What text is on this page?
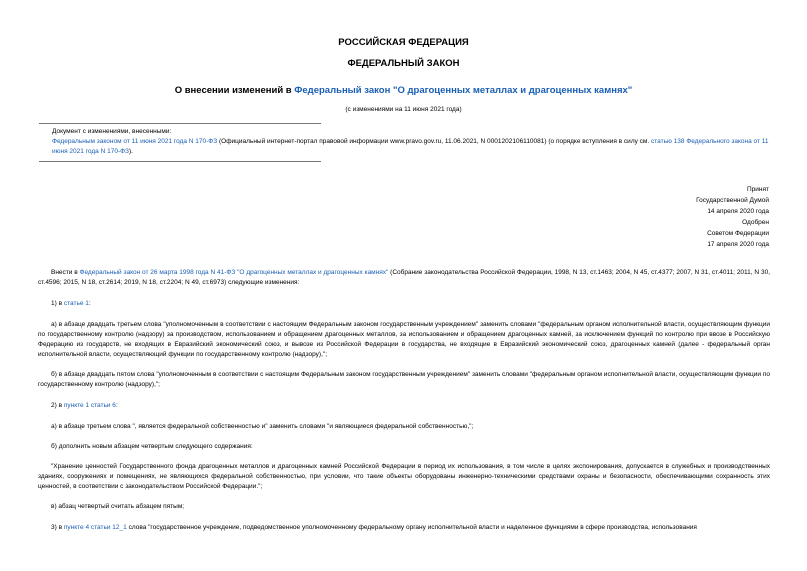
РОССИЙСКАЯ ФЕДЕРАЦИЯ
ФЕДЕРАЛЬНЫЙ ЗАКОН
О внесении изменений в Федеральный закон "О драгоценных металлах и драгоценных камнях"
(с изменениями на 11 июня 2021 года)
Документ с изменениями, внесенными:
Федеральным законом от 11 июня 2021 года N 170-ФЗ (Официальный интернет-портал правовой информации www.pravo.gov.ru, 11.06.2021, N 0001202106110081) (о порядке вступления в силу см. статью 138 Федерального закона от 11 июня 2021 года N 170-ФЗ).
Принят
Государственной Думой
14 апреля 2020 года
Одобрен
Советом Федерации
17 апреля 2020 года
Внести в Федеральный закон от 26 марта 1998 года N 41-ФЗ "О драгоценных металлах и драгоценных камнях" (Собрание законодательства Российской Федерации, 1998, N 13, ст.1463; 2004, N 45, ст.4377; 2007, N 31, ст.4011; 2011, N 30, ст.4596; 2015, N 18, ст.2614; 2019, N 18, ст.2204; N 49, ст.6973) следующие изменения:
1) в статье 1:
а) в абзаце двадцать третьем слова "уполномоченным в соответствии с настоящим Федеральным законом государственным учреждением" заменить словами "федеральным органом исполнительной власти, осуществляющим функции по государственному контролю (надзору) за производством, использованием и обращением драгоценных металлов, за использованием и обращением драгоценных камней, за исключением функций по контролю при ввозе в Российскую Федерацию из государств, не входящих в Евразийский экономический союз, и вывозе из Российской Федерации в государства, не входящие в Евразийский экономический союз, драгоценных камней (далее - федеральный орган исполнительной власти, осуществляющий функции по государственному контролю (надзору),";
б) в абзаце двадцать пятом слова "уполномоченным в соответствии с настоящим Федеральным законом государственным учреждением" заменить словами "федеральным органом исполнительной власти, осуществляющим функции по государственному контролю (надзору),";
2) в пункте 1 статьи 6:
а) в абзаце третьем слова ", является федеральной собственностью и" заменить словами "и являющиеся федеральной собственностью,";
б) дополнить новым абзацем четвертым следующего содержания:
"Хранение ценностей Государственного фонда драгоценных металлов и драгоценных камней Российской Федерации в период их использования, в том числе в целях экспонирования, допускается в служебных и производственных зданиях, сооружениях и помещениях, не являющихся федеральной собственностью, при условии, что такие объекты оборудованы инженерно-техническими средствами охраны и безопасности, обеспечивающими сохранность этих ценностей, в соответствии с законодательством Российской Федерации.";
в) абзац четвертый считать абзацем пятым;
3) в пункте 4 статьи 12_1 слова "государственное учреждение, подведомственное уполномоченному федеральному органу исполнительной власти и наделенное функциями в сфере производства, использования
